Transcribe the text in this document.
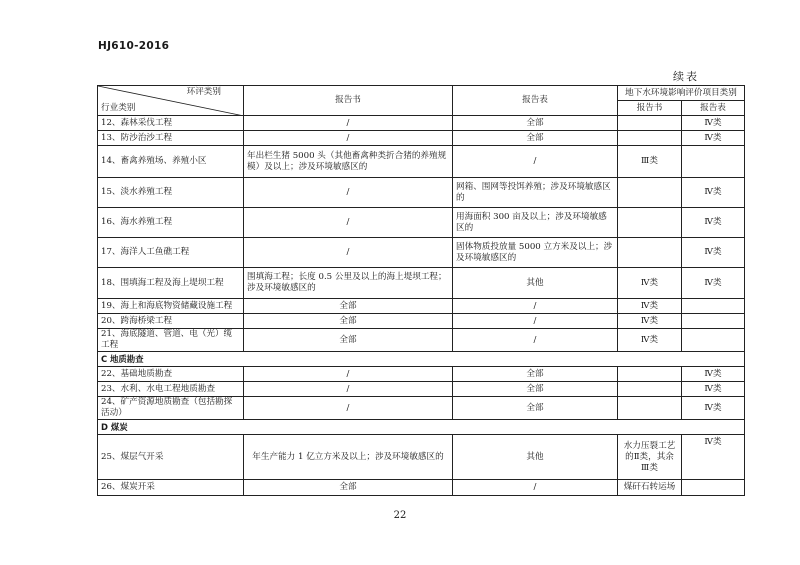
HJ610-2016
续表
环评类别
行业类别	报告书	报告表	地下水环境影响评价项目类别	
			报告书	报告表
12、森林采伐工程	/	全部		Ⅳ类
13、防沙治沙工程	/	全部		Ⅳ类
14、畜禽养殖场、养殖小区	年出栏生猪 5000 头（其他畜禽种类折合猪的养殖规模）及以上；涉及环境敏感区的	/	Ⅲ类	
15、淡水养殖工程	/	网箱、围网等投饵养殖；涉及环境敏感区的		Ⅳ类
16、海水养殖工程	/	用海面积 300 亩及以上；涉及环境敏感区的		Ⅳ类
17、海洋人工鱼礁工程	/	固体物质投放量 5000 立方米及以上；涉及环境敏感区的		Ⅳ类
18、围填海工程及海上堤坝工程	围填海工程；长度 0.5 公里及以上的海上堤坝工程；涉及环境敏感区的	其他	Ⅳ类	Ⅳ类
19、海上和海底物资储藏设施工程	全部	/	Ⅳ类	
20、跨海桥梁工程	全部	/	Ⅳ类	
21、海底隧道、管道、电（光）缆工程	全部	/	Ⅳ类	
C 地质勘查				
22、基础地质勘查	/	全部		Ⅳ类
23、水利、水电工程地质勘查	/	全部		Ⅳ类
24、矿产资源地质勘查（包括勘探活动）	/	全部		Ⅳ类
D 煤炭				
25、煤层气开采	年生产能力 1 亿立方米及以上；涉及环境敏感区的	其他	水力压裂工艺的Ⅱ类，其余Ⅲ类	Ⅳ类
26、煤炭开采	全部	/	煤矸石转运场	
22
